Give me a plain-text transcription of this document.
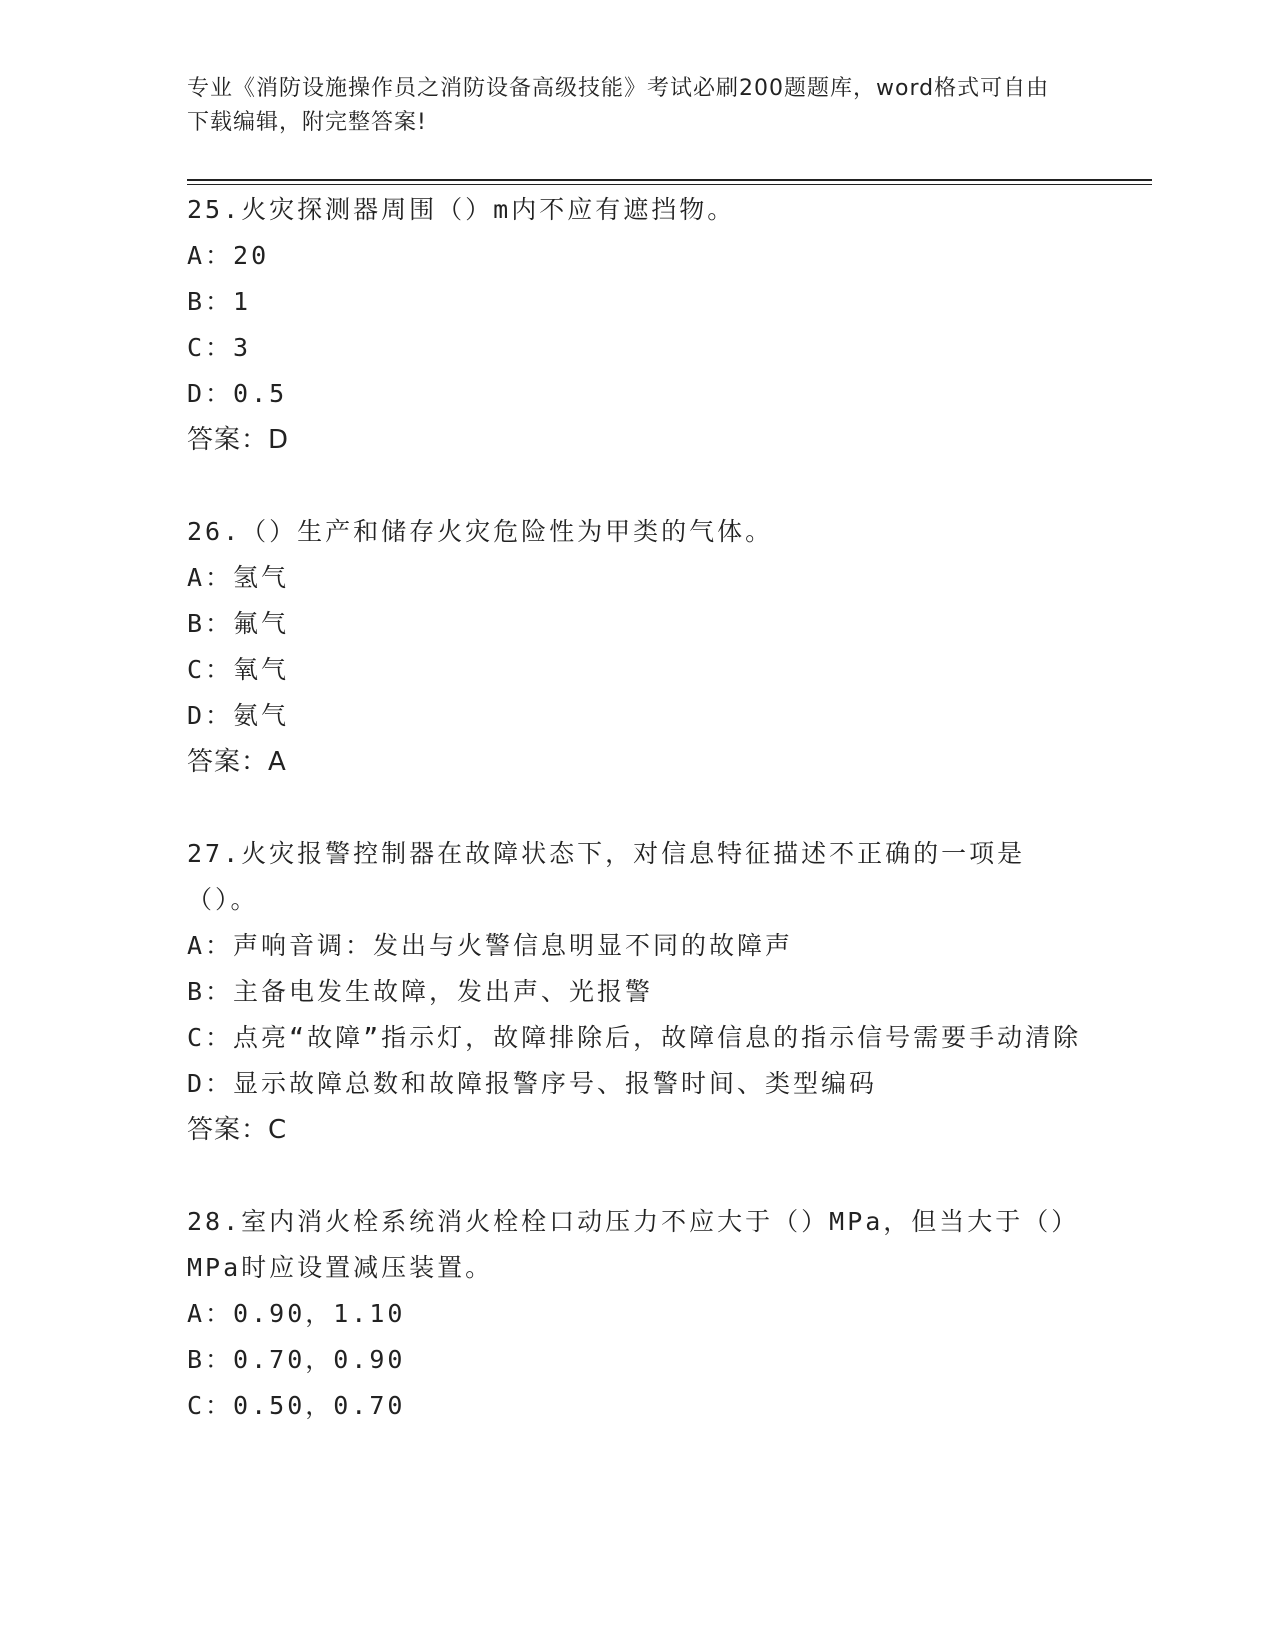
专业《消防设施操作员之消防设备高级技能》考试必刷200题题库，word格式可自由下载编辑，附完整答案!
25.火灾探测器周围（）m内不应有遮挡物。
A：20
B：1
C：3
D：0.5
答案：D
26.（）生产和储存火灾危险性为甲类的气体。
A：氢气
B：氟气
C：氧气
D：氨气
答案：A
27.火灾报警控制器在故障状态下，对信息特征描述不正确的一项是（）。
A：声响音调：发出与火警信息明显不同的故障声
B：主备电发生故障，发出声、光报警
C：点亮“故障”指示灯，故障排除后，故障信息的指示信号需要手动清除
D：显示故障总数和故障报警序号、报警时间、类型编码
答案：C
28.室内消火栓系统消火栓栓口动压力不应大于（）MPa，但当大于（）MPa时应设置减压装置。
A：0.90，1.10
B：0.70，0.90
C：0.50，0.70
